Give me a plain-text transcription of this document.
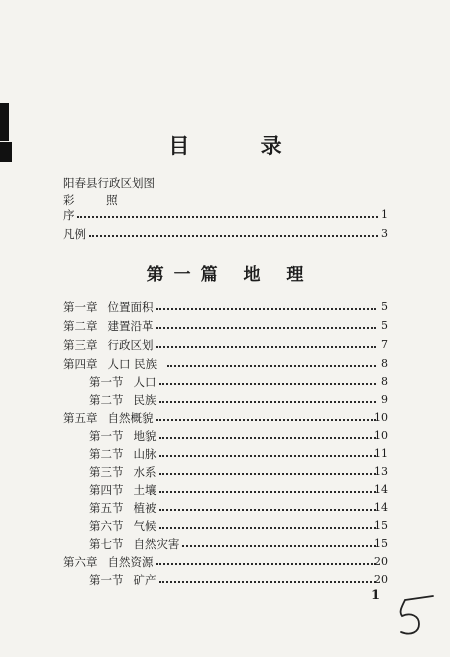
目 录
阳春县行政区划图
彩 照
序	1
凡例	3
第一篇 地 理
第一章 位置面积	5
第二章 建置沿革	5
第三章 行政区划	7
第四章 人口 民族	8
第一节 人口	8
第二节 民族	9
第五章 自然概貌	10
第一节 地貌	10
第二节 山脉	11
第三节 水系	13
第四节 土壤	14
第五节 植被	14
第六节 气候	15
第七节 自然灾害	15
第六章 自然资源	20
第一节 矿产	20
1
